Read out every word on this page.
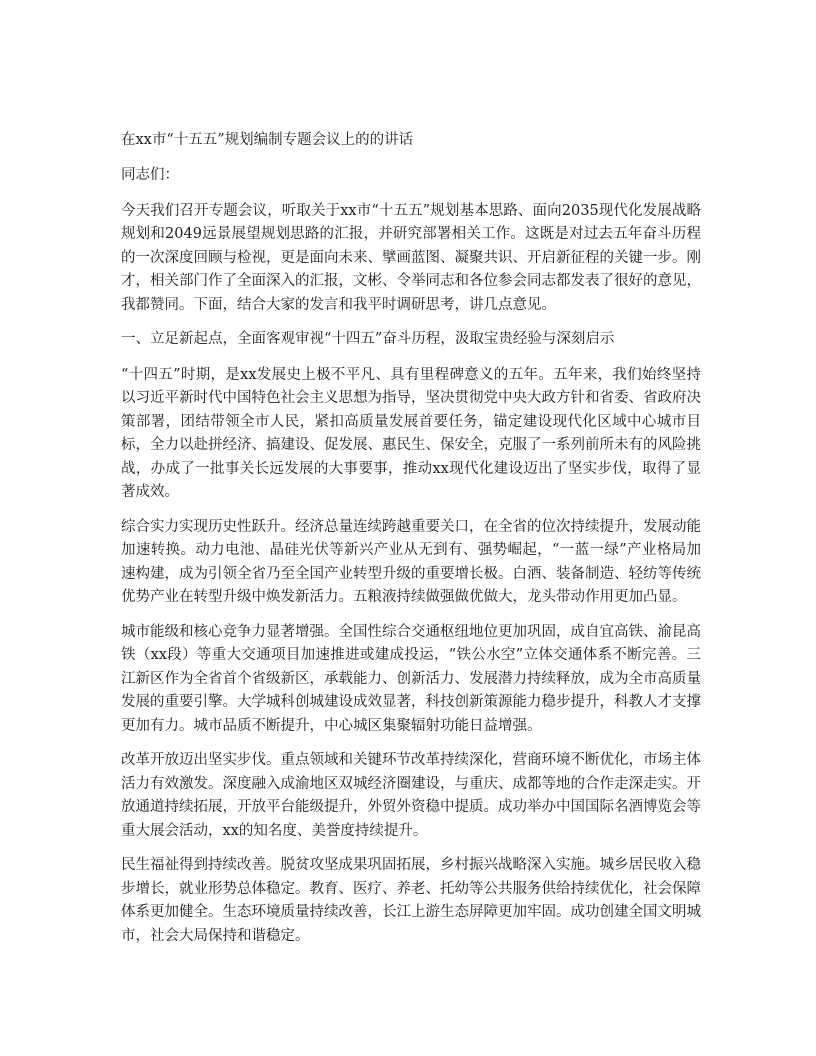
在xx市“十五五”规划编制专题会议上的的讲话
同志们：
今天我们召开专题会议，听取关于xx市“十五五”规划基本思路、面向2035现代化发展战略规划和2049远景展望规划思路的汇报，并研究部署相关工作。这既是对过去五年奋斗历程的一次深度回顾与检视，更是面向未来、擘画蓝图、凝聚共识、开启新征程的关键一步。刚才，相关部门作了全面深入的汇报，文彬、令举同志和各位参会同志都发表了很好的意见，我都赞同。下面，结合大家的发言和我平时调研思考，讲几点意见。
一、立足新起点，全面客观审视“十四五”奋斗历程，汲取宝贵经验与深刻启示
“十四五”时期，是xx发展史上极不平凡、具有里程碑意义的五年。五年来，我们始终坚持以习近平新时代中国特色社会主义思想为指导，坚决贯彻党中央大政方针和省委、省政府决策部署，团结带领全市人民，紧扣高质量发展首要任务，锚定建设现代化区域中心城市目标，全力以赴拼经济、搞建设、促发展、惠民生、保安全，克服了一系列前所未有的风险挑战，办成了一批事关长远发展的大事要事，推动xx现代化建设迈出了坚实步伐，取得了显著成效。
综合实力实现历史性跃升。经济总量连续跨越重要关口，在全省的位次持续提升，发展动能加速转换。动力电池、晶硅光伏等新兴产业从无到有、强势崛起，“一蓝一绿”产业格局加速构建，成为引领全省乃至全国产业转型升级的重要增长极。白酒、装备制造、轻纺等传统优势产业在转型升级中焕发新活力。五粮液持续做强做优做大，龙头带动作用更加凸显。
城市能级和核心竞争力显著增强。全国性综合交通枢纽地位更加巩固，成自宜高铁、渝昆高铁（xx段）等重大交通项目加速推进或建成投运，“铁公水空”立体交通体系不断完善。三江新区作为全省首个省级新区，承载能力、创新活力、发展潜力持续释放，成为全市高质量发展的重要引擎。大学城科创城建设成效显著，科技创新策源能力稳步提升，科教人才支撑更加有力。城市品质不断提升，中心城区集聚辐射功能日益增强。
改革开放迈出坚实步伐。重点领域和关键环节改革持续深化，营商环境不断优化，市场主体活力有效激发。深度融入成渝地区双城经济圈建设，与重庆、成都等地的合作走深走实。开放通道持续拓展，开放平台能级提升，外贸外资稳中提质。成功举办中国国际名酒博览会等重大展会活动，xx的知名度、美誉度持续提升。
民生福祉得到持续改善。脱贫攻坚成果巩固拓展，乡村振兴战略深入实施。城乡居民收入稳步增长，就业形势总体稳定。教育、医疗、养老、托幼等公共服务供给持续优化，社会保障体系更加健全。生态环境质量持续改善，长江上游生态屏障更加牢固。成功创建全国文明城市，社会大局保持和谐稳定。
